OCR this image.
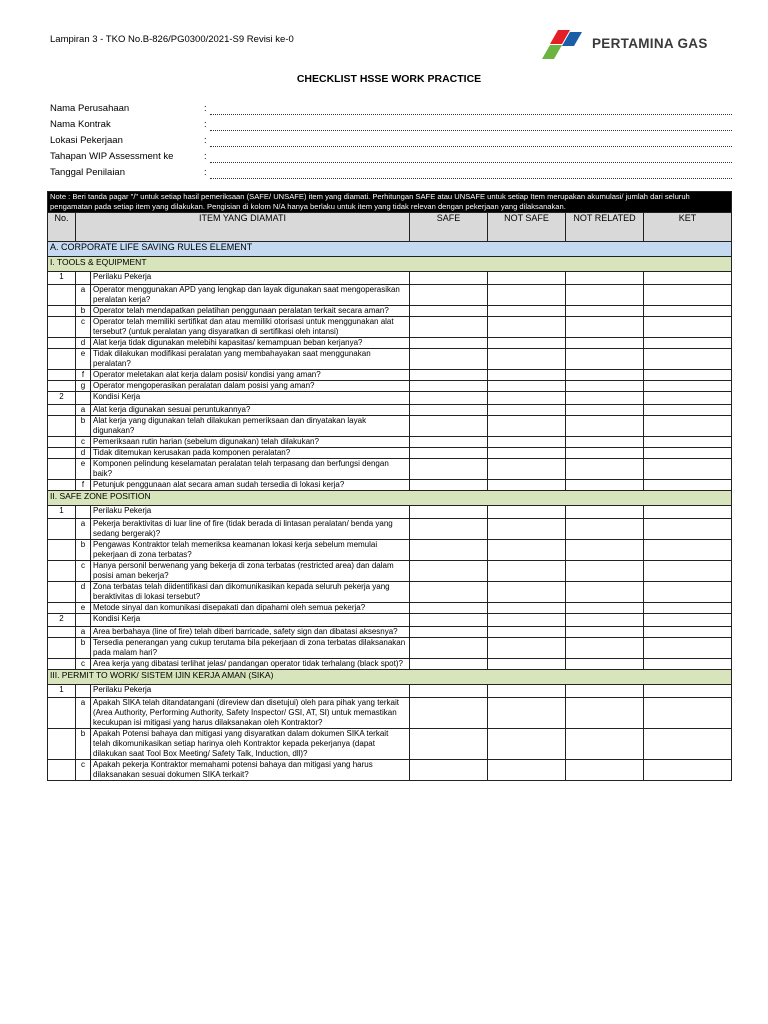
Lampiran 3 - TKO No.B-826/PG0300/2021-S9 Revisi ke-0	PERTAMINA GAS
CHECKLIST HSSE WORK PRACTICE
Nama Perusahaan	:
Nama Kontrak	:
Lokasi Pekerjaan	:
Tahapan WIP Assessment ke	:
Tanggal Penilaian	:
Note : Beri tanda pagar "/" untuk setiap hasil pemeriksaan (SAFE/ UNSAFE) item yang diamati. Perhitungan SAFE atau UNSAFE untuk setiap Item merupakan akumulasi/ jumlah dari seluruh pengamatan pada setiap item yang dilakukan. Pengisian di kolom N/A hanya berlaku untuk item yang tidak relevan dengan pekerjaan yang dilaksanakan.						
No.	ITEM YANG DIAMATI		SAFE	NOT SAFE	NOT RELATED	KET
A. CORPORATE LIFE SAVING RULES ELEMENT						
I. TOOLS & EQUIPMENT						
1		Perilaku Pekerja				
	a	Operator menggunakan APD yang lengkap dan layak digunakan saat mengoperasikan peralatan kerja?				
	b	Operator telah mendapatkan pelatihan penggunaan peralatan terkait secara aman?				
	c	Operator telah memiliki sertifikat dan atau memiliki otorisasi untuk menggunakan alat tersebut? (untuk peralatan yang disyaratkan di sertifikasi oleh intansi)				
	d	Alat kerja tidak digunakan melebihi kapasitas/ kemampuan beban kerjanya?				
	e	Tidak dilakukan modifikasi peralatan yang membahayakan saat menggunakan peralatan?				
	f	Operator meletakan alat kerja dalam posisi/ kondisi yang aman?				
	g	Operator mengoperasikan peralatan dalam posisi yang aman?				
2		Kondisi Kerja				
	a	Alat kerja digunakan sesuai peruntukannya?				
	b	Alat kerja yang digunakan telah dilakukan pemeriksaan dan dinyatakan layak digunakan?				
	c	Pemeriksaan rutin harian (sebelum digunakan) telah dilakukan?				
	d	Tidak ditemukan kerusakan pada komponen peralatan?				
	e	Komponen pelindung keselamatan peralatan telah terpasang dan berfungsi dengan baik?				
	f	Petunjuk penggunaan alat secara aman sudah tersedia di lokasi kerja?				
II. SAFE ZONE POSITION						
1		Perilaku Pekerja				
	a	Pekerja beraktivitas di luar line of fire (tidak berada di lintasan peralatan/ benda yang sedang bergerak)?				
	b	Pengawas Kontraktor telah memeriksa keamanan lokasi kerja sebelum memulai pekerjaan di zona terbatas?				
	c	Hanya personil berwenang yang bekerja di zona terbatas (restricted area) dan dalam posisi aman bekerja?				
	d	Zona terbatas telah diidentifikasi dan dikomunikasikan kepada seluruh pekerja yang beraktivitas di lokasi tersebut?				
	e	Metode sinyal dan komunikasi disepakati dan dipahami oleh semua pekerja?				
2		Kondisi Kerja				
	a	Area berbahaya (line of fire) telah diberi barricade, safety sign dan dibatasi aksesnya?				
	b	Tersedia penerangan yang cukup terutama bila pekerjaan di zona terbatas dilaksanakan pada malam hari?				
	c	Area kerja yang dibatasi terlihat jelas/ pandangan operator tidak terhalang (black spot)?				
III. PERMIT TO WORK/ SISTEM IJIN KERJA AMAN (SIKA)						
1		Perilaku Pekerja				
	a	Apakah SIKA telah ditandatangani (direview dan disetujui) oleh para pihak yang terkait (Area Authority, Performing Authority, Safety Inspector/ GSI, AT, SI) untuk memastikan kecukupan isi mitigasi yang harus dilaksanakan oleh Kontraktor?				
	b	Apakah Potensi bahaya dan mitigasi yang disyaratkan dalam dokumen SIKA terkait telah dikomunikasikan setiap harinya oleh Kontraktor kepada pekerjanya (dapat dilakukan saat Tool Box Meeting/ Safety Talk, Induction, dll)?				
	c	Apakah pekerja Kontraktor memahami potensi bahaya dan mitigasi yang harus dilaksanakan sesuai dokumen SIKA terkait?				
